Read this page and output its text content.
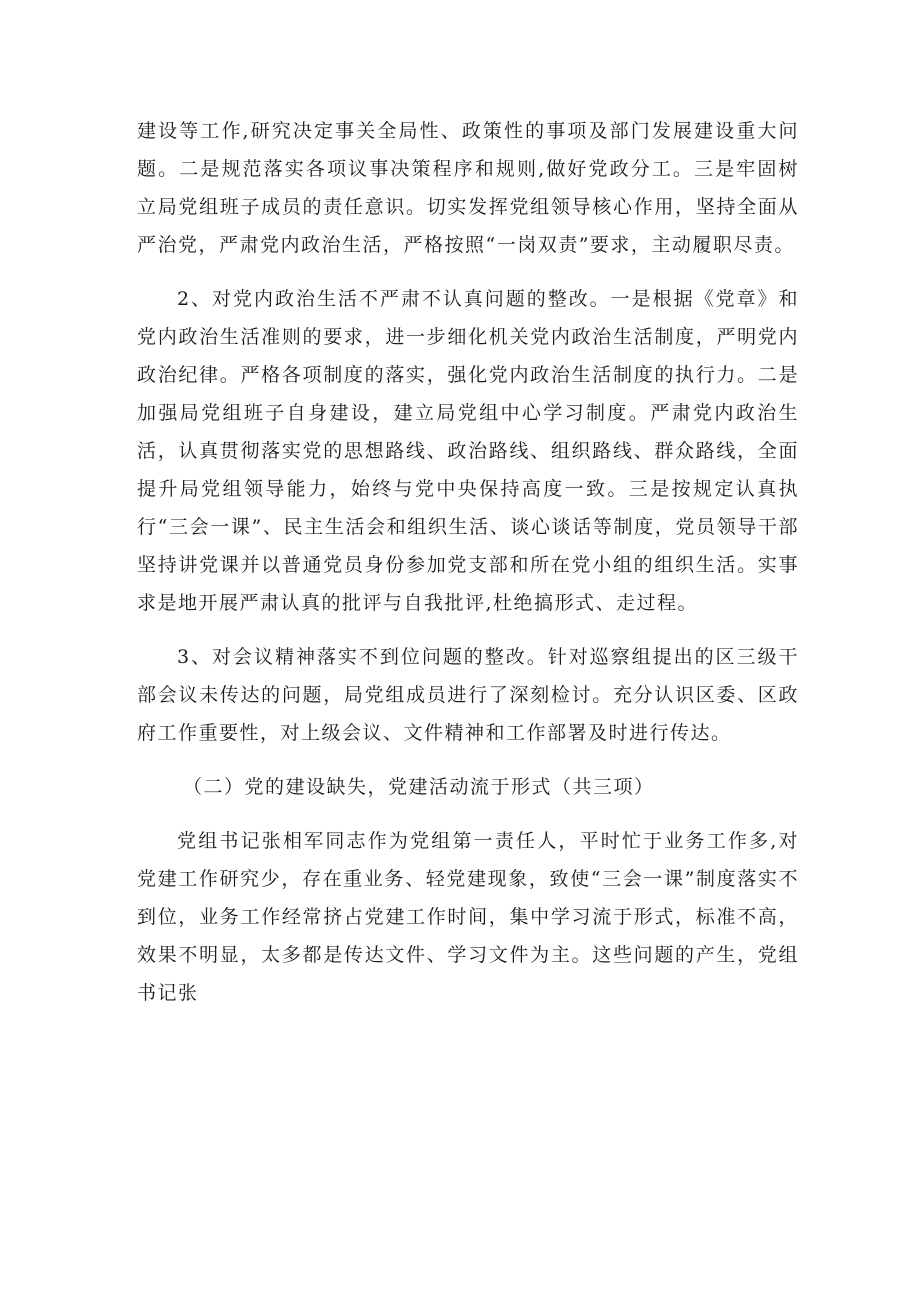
建设等工作,研究决定事关全局性、政策性的事项及部门发展建设重大问题。二是规范落实各项议事决策程序和规则,做好党政分工。三是牢固树立局党组班子成员的责任意识。切实发挥党组领导核心作用，坚持全面从严治党，严肃党内政治生活，严格按照“一岗双责”要求，主动履职尽责。

2、对党内政治生活不严肃不认真问题的整改。一是根据《党章》和党内政治生活准则的要求，进一步细化机关党内政治生活制度，严明党内政治纪律。严格各项制度的落实，强化党内政治生活制度的执行力。二是加强局党组班子自身建设，建立局党组中心学习制度。严肃党内政治生活，认真贯彻落实党的思想路线、政治路线、组织路线、群众路线，全面提升局党组领导能力，始终与党中央保持高度一致。三是按规定认真执行“三会一课”、民主生活会和组织生活、谈心谈话等制度，党员领导干部坚持讲党课并以普通党员身份参加党支部和所在党小组的组织生活。实事求是地开展严肃认真的批评与自我批评,杜绝搞形式、走过程。

3、对会议精神落实不到位问题的整改。针对巡察组提出的区三级干部会议未传达的问题，局党组成员进行了深刻检讨。充分认识区委、区政府工作重要性，对上级会议、文件精神和工作部署及时进行传达。

（二）党的建设缺失，党建活动流于形式（共三项）

党组书记张相军同志作为党组第一责任人，平时忙于业务工作多,对党建工作研究少，存在重业务、轻党建现象，致使“三会一课”制度落实不到位，业务工作经常挤占党建工作时间，集中学习流于形式，标准不高，效果不明显，太多都是传达文件、学习文件为主。这些问题的产生，党组书记张
